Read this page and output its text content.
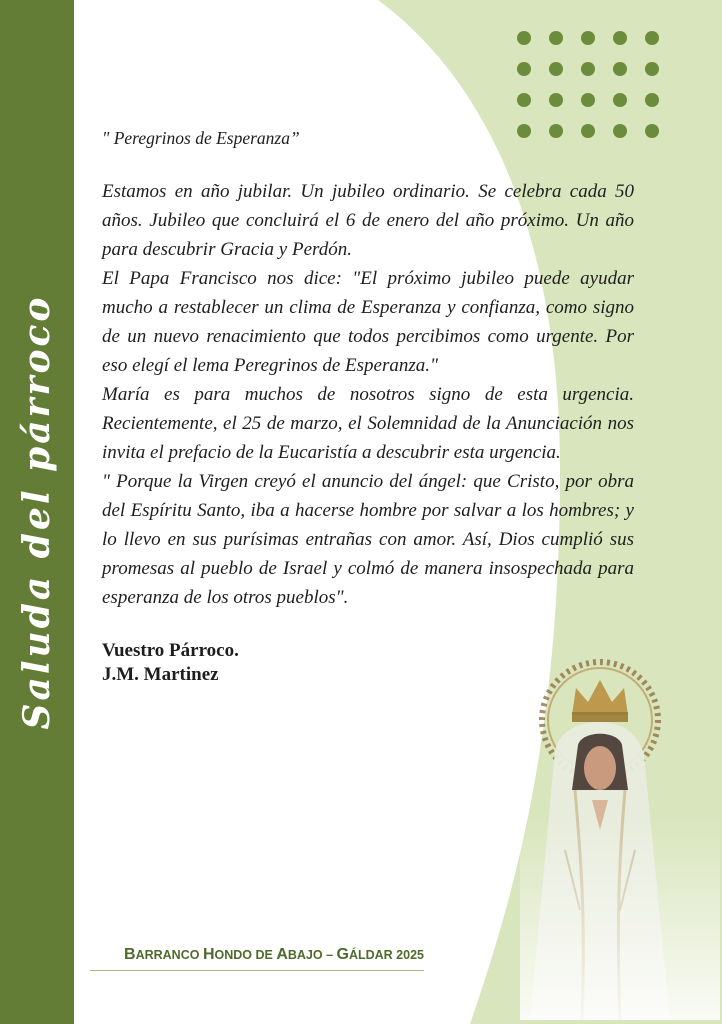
Saluda del párroco
" Peregrinos de Esperanza”

Estamos en año jubilar. Un jubileo ordinario. Se celebra cada 50 años. Jubileo que concluirá el 6 de enero del año próximo. Un año para descubrir Gracia y Perdón.

El Papa Francisco nos dice: "El próximo jubileo puede ayudar mucho a restablecer un clima de Esperanza y confianza, como signo de un nuevo renacimiento que todos percibimos como urgente. Por eso elegí el lema Peregrinos de Esperanza."

María es para muchos de nosotros signo de esta urgencia. Recientemente, el 25 de marzo, el Solemnidad de la Anunciación nos invita el prefacio de la Eucaristía a descubrir esta urgencia.

" Porque la Virgen creyó el anuncio del ángel: que Cristo, por obra del Espíritu Santo, iba a hacerse hombre por salvar a los hombres; y lo llevo en sus purísimas entrañas con amor. Así, Dios cumplió sus promesas al pueblo de Israel y colmó de manera insospechada para esperanza de los otros pueblos".

Vuestro Párroco.
J.M. Martinez
BARRANCO HONDO DE ABAJO – GÁLDAR 2025
